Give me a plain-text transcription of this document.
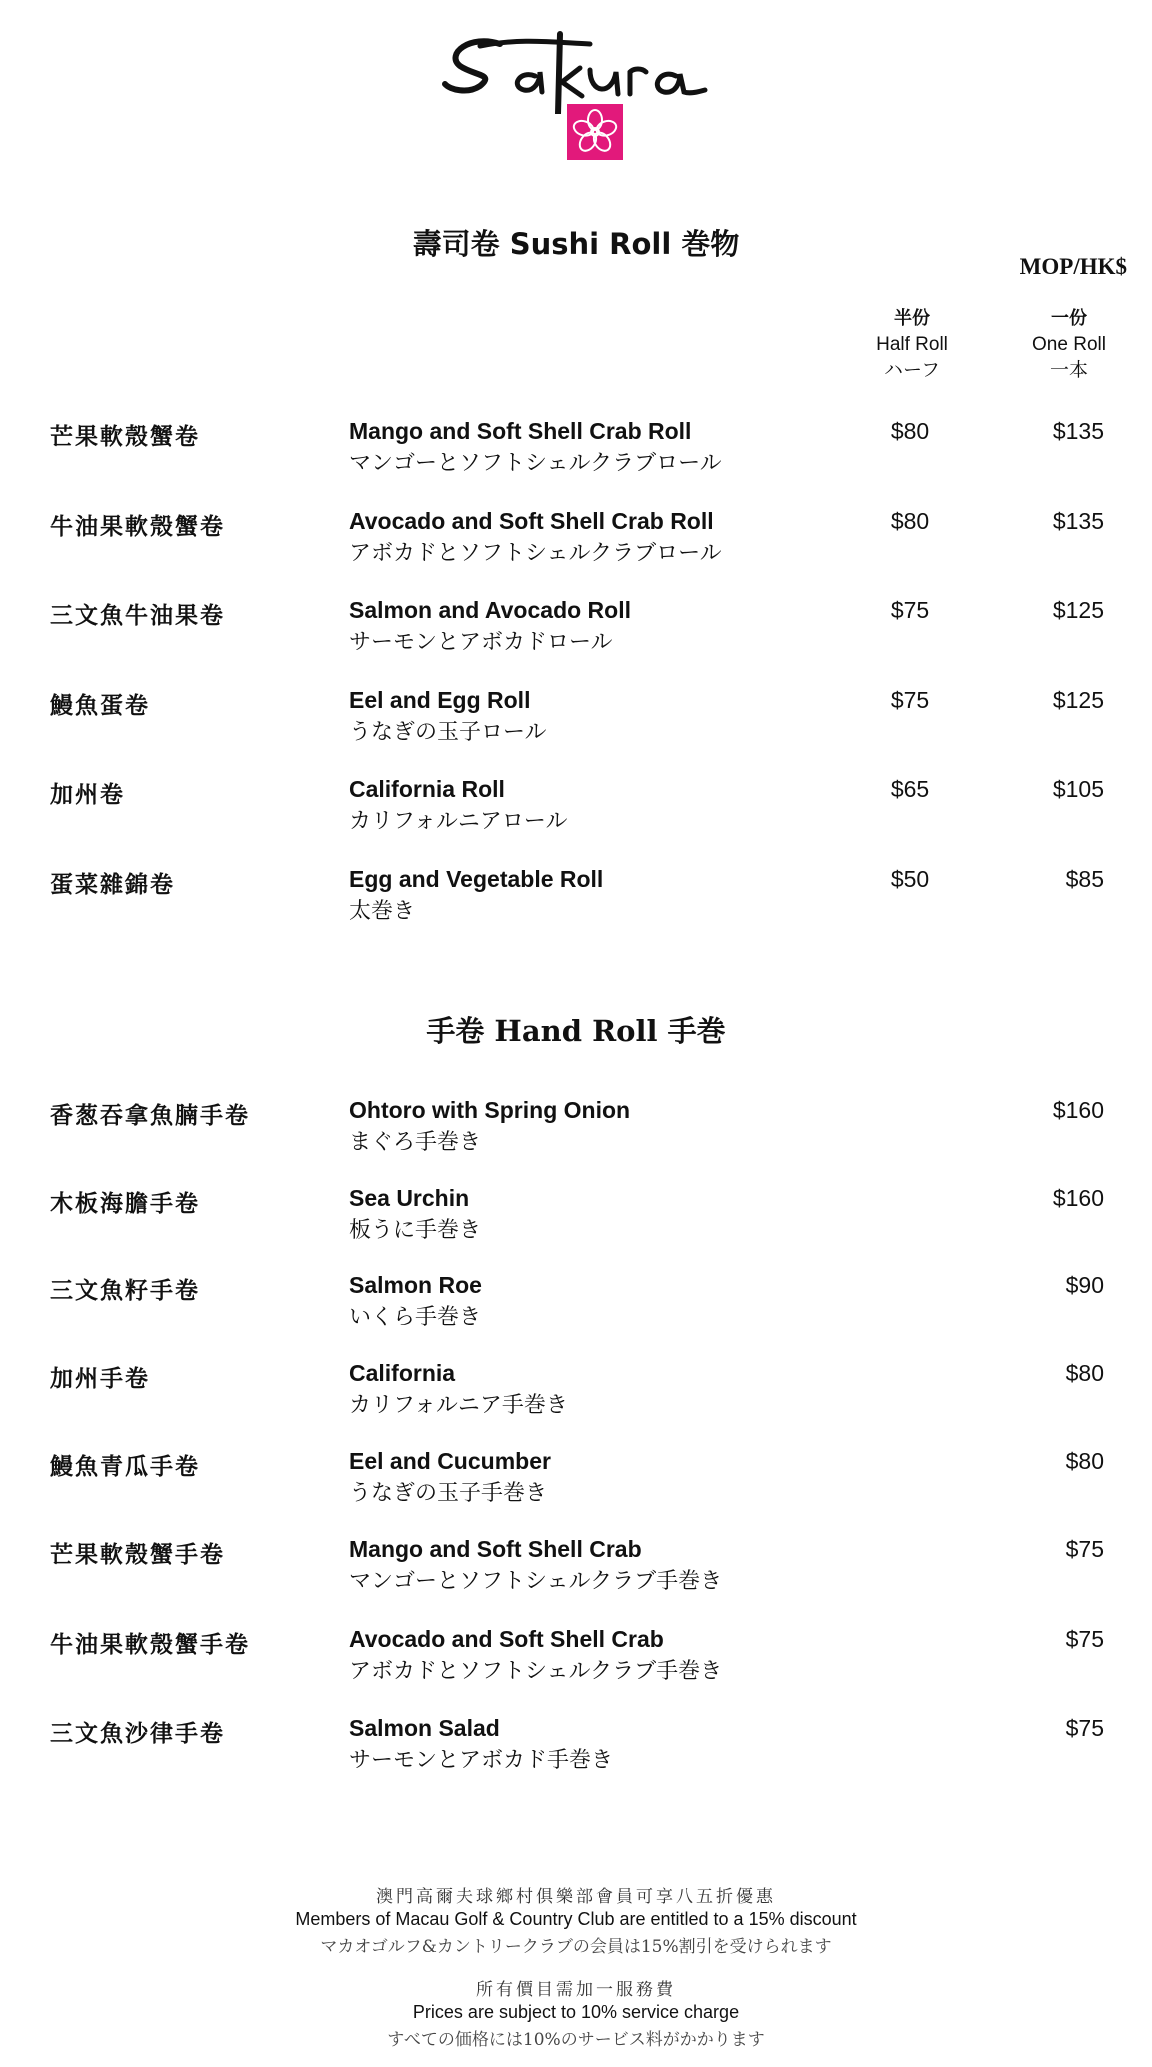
壽司卷 Sushi Roll 巻物
MOP/HK$
半份
Half Roll
ハーフ
一份
One Roll
一本
芒果軟殼蟹卷	Mango and Soft Shell Crab Roll
マンゴーとソフトシェルクラブロール
$80	$135
牛油果軟殼蟹卷	Avocado and Soft Shell Crab Roll
アボカドとソフトシェルクラブロール
$80	$135
三文魚牛油果卷	Salmon and Avocado Roll
サーモンとアボカドロール
$75	$125
鰻魚蛋卷	Eel and Egg Roll
うなぎの玉子ロール
$75	$125
加州卷	California Roll
カリフォルニアロール
$65	$105
蛋菜雜錦卷	Egg and Vegetable Roll
太巻き
$50	$85
手卷 Hand Roll 手巻
香葱吞拿魚腩手卷	Ohtoro with Spring Onion
まぐろ手巻き
$160
木板海膽手卷	Sea Urchin
板うに手巻き
$160
三文魚籽手卷	Salmon Roe
いくら手巻き
$90
加州手卷	California
カリフォルニア手巻き
$80
鰻魚青瓜手卷	Eel and Cucumber
うなぎの玉子手巻き
$80
芒果軟殼蟹手卷	Mango and Soft Shell Crab
マンゴーとソフトシェルクラブ手巻き
$75
牛油果軟殼蟹手卷	Avocado and Soft Shell Crab
アボカドとソフトシェルクラブ手巻き
$75
三文魚沙律手卷	Salmon Salad
サーモンとアボカド手巻き
$75
澳門高爾夫球鄉村俱樂部會員可享八五折優惠
Members of Macau Golf & Country Club are entitled to a 15% discount
マカオゴルフ&カントリークラブの会員は15%割引を受けられます
所有價目需加一服務費
Prices are subject to 10% service charge
すべての価格には10%のサービス料がかかります
